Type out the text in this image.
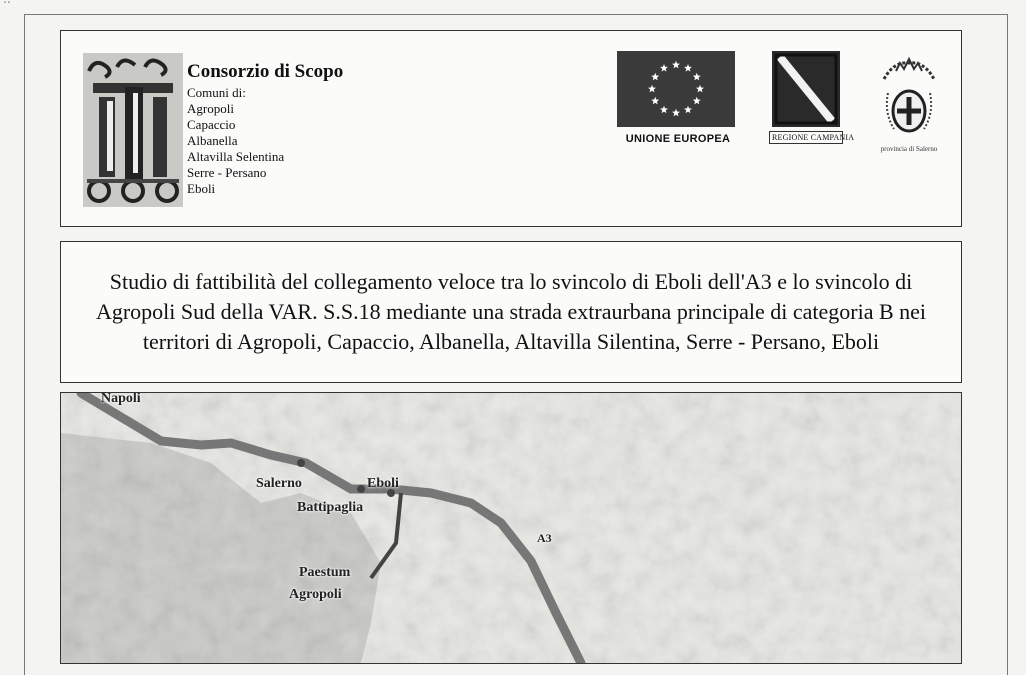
▪︎ ▪︎
Consorzio di Scopo
Comuni di:
Agropoli
Capaccio
Albanella
Altavilla Selentina
Serre - Persano
Eboli
UNIONE EUROPEA	REGIONE CAMPANIA
provincia di Salerno
Studio di fattibilità del collegamento veloce tra lo svincolo di Eboli dell'A3 e lo svincolo di Agropoli Sud della VAR. S.S.18 mediante una strada extraurbana principale di categoria B nei territori di Agropoli, Capaccio, Albanella, Altavilla Silentina, Serre - Persano, Eboli
Napoli
Salerno	Eboli
Battipaglia
A3
Paestum
Agropoli
